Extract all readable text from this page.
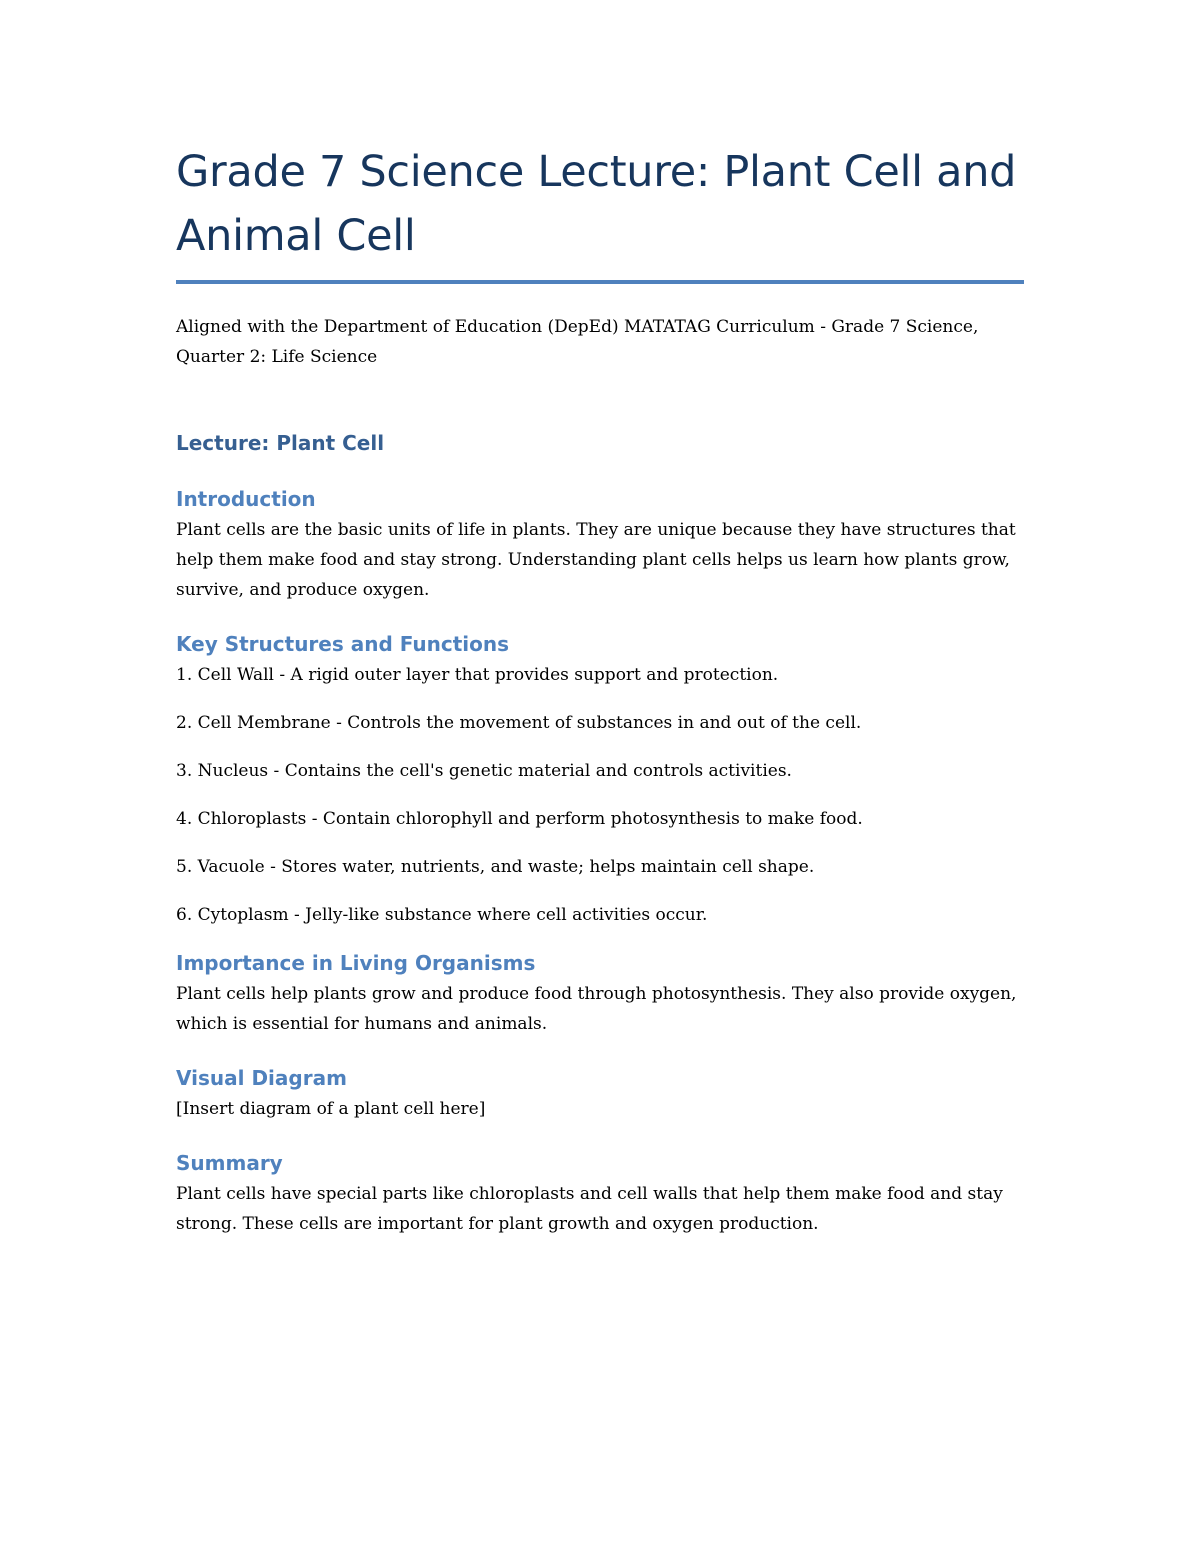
Grade 7 Science Lecture: Plant Cell and Animal Cell

Aligned with the Department of Education (DepEd) MATATAG Curriculum - Grade 7 Science, Quarter 2: Life Science

Lecture: Plant Cell
Introduction

Plant cells are the basic units of life in plants. They are unique because they have structures that help them make food and stay strong. Understanding plant cells helps us learn how plants grow, survive, and produce oxygen.

Key Structures and Functions

1. Cell Wall - A rigid outer layer that provides support and protection.

2. Cell Membrane - Controls the movement of substances in and out of the cell.

3. Nucleus - Contains the cell's genetic material and controls activities.

4. Chloroplasts - Contain chlorophyll and perform photosynthesis to make food.

5. Vacuole - Stores water, nutrients, and waste; helps maintain cell shape.

6. Cytoplasm - Jelly-like substance where cell activities occur.

Importance in Living Organisms

Plant cells help plants grow and produce food through photosynthesis. They also provide oxygen, which is essential for humans and animals.

Visual Diagram

[Insert diagram of a plant cell here]

Summary

Plant cells have special parts like chloroplasts and cell walls that help them make food and stay strong. These cells are important for plant growth and oxygen production.
